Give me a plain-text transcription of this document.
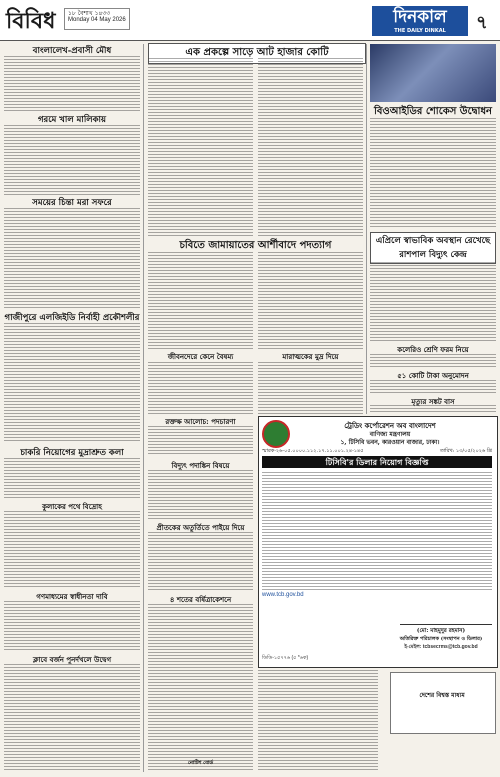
বিবিধ ১৮ বৈশাখ ১৪৩৩
Monday 04 May 2026	দিনকাল
THE DAILY DINKAL	৭
বাংলালেখ-প্রবাসী মৌধ
গরমে খাল মালিকায়
সময়ের চিন্তা মরা সফরে
গাজীপুরে এলজিইডি নির্বাহী প্রকৌশলীর
চাকরি নিয়োগের মুদ্রাশ্রুত কলা
কুলাকের পথে বিদ্রোহ
গণমাধ্যমের স্বাধীনতা দাবি
ক্লাবে বর্জন পুনর্দখলে উদ্বেগ
এক প্রকল্পে সাড়ে আট হাজার কোটি
চবিতে জামায়াতের আর্শীবাদে পদত্যাগ
জীবনদেরে কেনে বৈষম্য	মারাত্মকের মুদ্র দিয়ে
রক্তক্ষ আলোচ: পদচারণা	ট্রেডিং কর্পোরেশন অব বাংলাদেশ
বাণিজ্য মন্ত্রণালয়
১, টিসিবি ভবন, কারওয়ান বাজার, ঢাকা।
স্মারক-২৬-০৫.০০০০.১১২.১৭.১১.০০১.২৪-১৪৫	তারিখ: ১৩/০৫/২০২৬ খ্রি
টিসিবি'র ডিলার নিয়োগ বিজ্ঞপ্তি
www.tcb.gov.bd
(মো: মাহমুদুর রহমান)
অতিরিক্ত পরিচালক (সংস্থাপন ও ডিলার)
ই-মেইল: tcbsecrms@tcb.gov.bd
ডিডি-১৫৭৭৬ (৫ *৬ক)
বিদ্যুৎ পদাঙ্কিন বিষয়ে
প্রীতকের অতুর্তিতে পাইয়ে দিয়ে
৪ শতের বর্ষিত্রাকেশনে
দেশের বিশ্বস্ত মাধ্যম
বিওআইডির শোকেস উদ্বোধন
এপ্রিলে স্বাভাবিক অবস্থান রেখেছে রাশপাল বিদ্যুৎ কেন্দ্র
কলেরিও শ্রেণি ফরম নিয়ে
৫১ কোটি টাকা অনুমোদন
মৃত্যুর সঙ্কট বাস
নোটিশ বোর্ড
